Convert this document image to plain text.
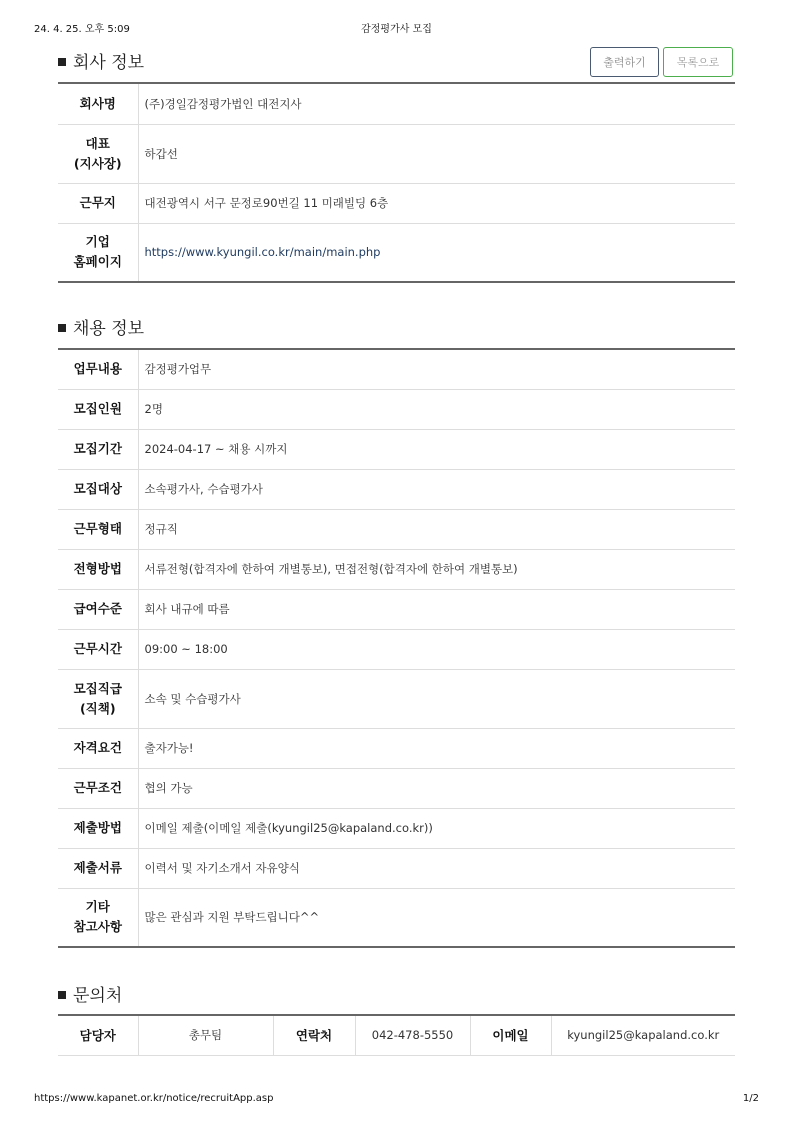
24. 4. 25. 오후 5:09	감정평가사 모집
회사 정보	출력하기	목록으로
회사명	(주)경일감정평가법인 대전지사
대표
(지사장)	하갑선
근무지	대전광역시 서구 문정로90번길 11 미래빌딩 6층
기업
홈페이지	https://www.kyungil.co.kr/main/main.php
채용 정보
업무내용	감정평가업무
모집인원	2명
모집기간	2024-04-17 ~ 채용 시까지
모집대상	소속평가사, 수습평가사
근무형태	정규직
전형방법	서류전형(합격자에 한하여 개별통보), 면접전형(합격자에 한하여 개별통보)
급여수준	회사 내규에 따름
근무시간	09:00 ~ 18:00
모집직급
(직책)	소속 및 수습평가사
자격요건	출자가능!
근무조건	협의 가능
제출방법	이메일 제출(이메일 제출(kyungil25@kapaland.co.kr))
제출서류	이력서 및 자기소개서 자유양식
기타
참고사항	많은 관심과 지원 부탁드립니다^^
문의처
담당자	총무팀	연락처	042-478-5550	이메일	kyungil25@kapaland.co.kr
https://www.kapanet.or.kr/notice/recruitApp.asp	1/2
